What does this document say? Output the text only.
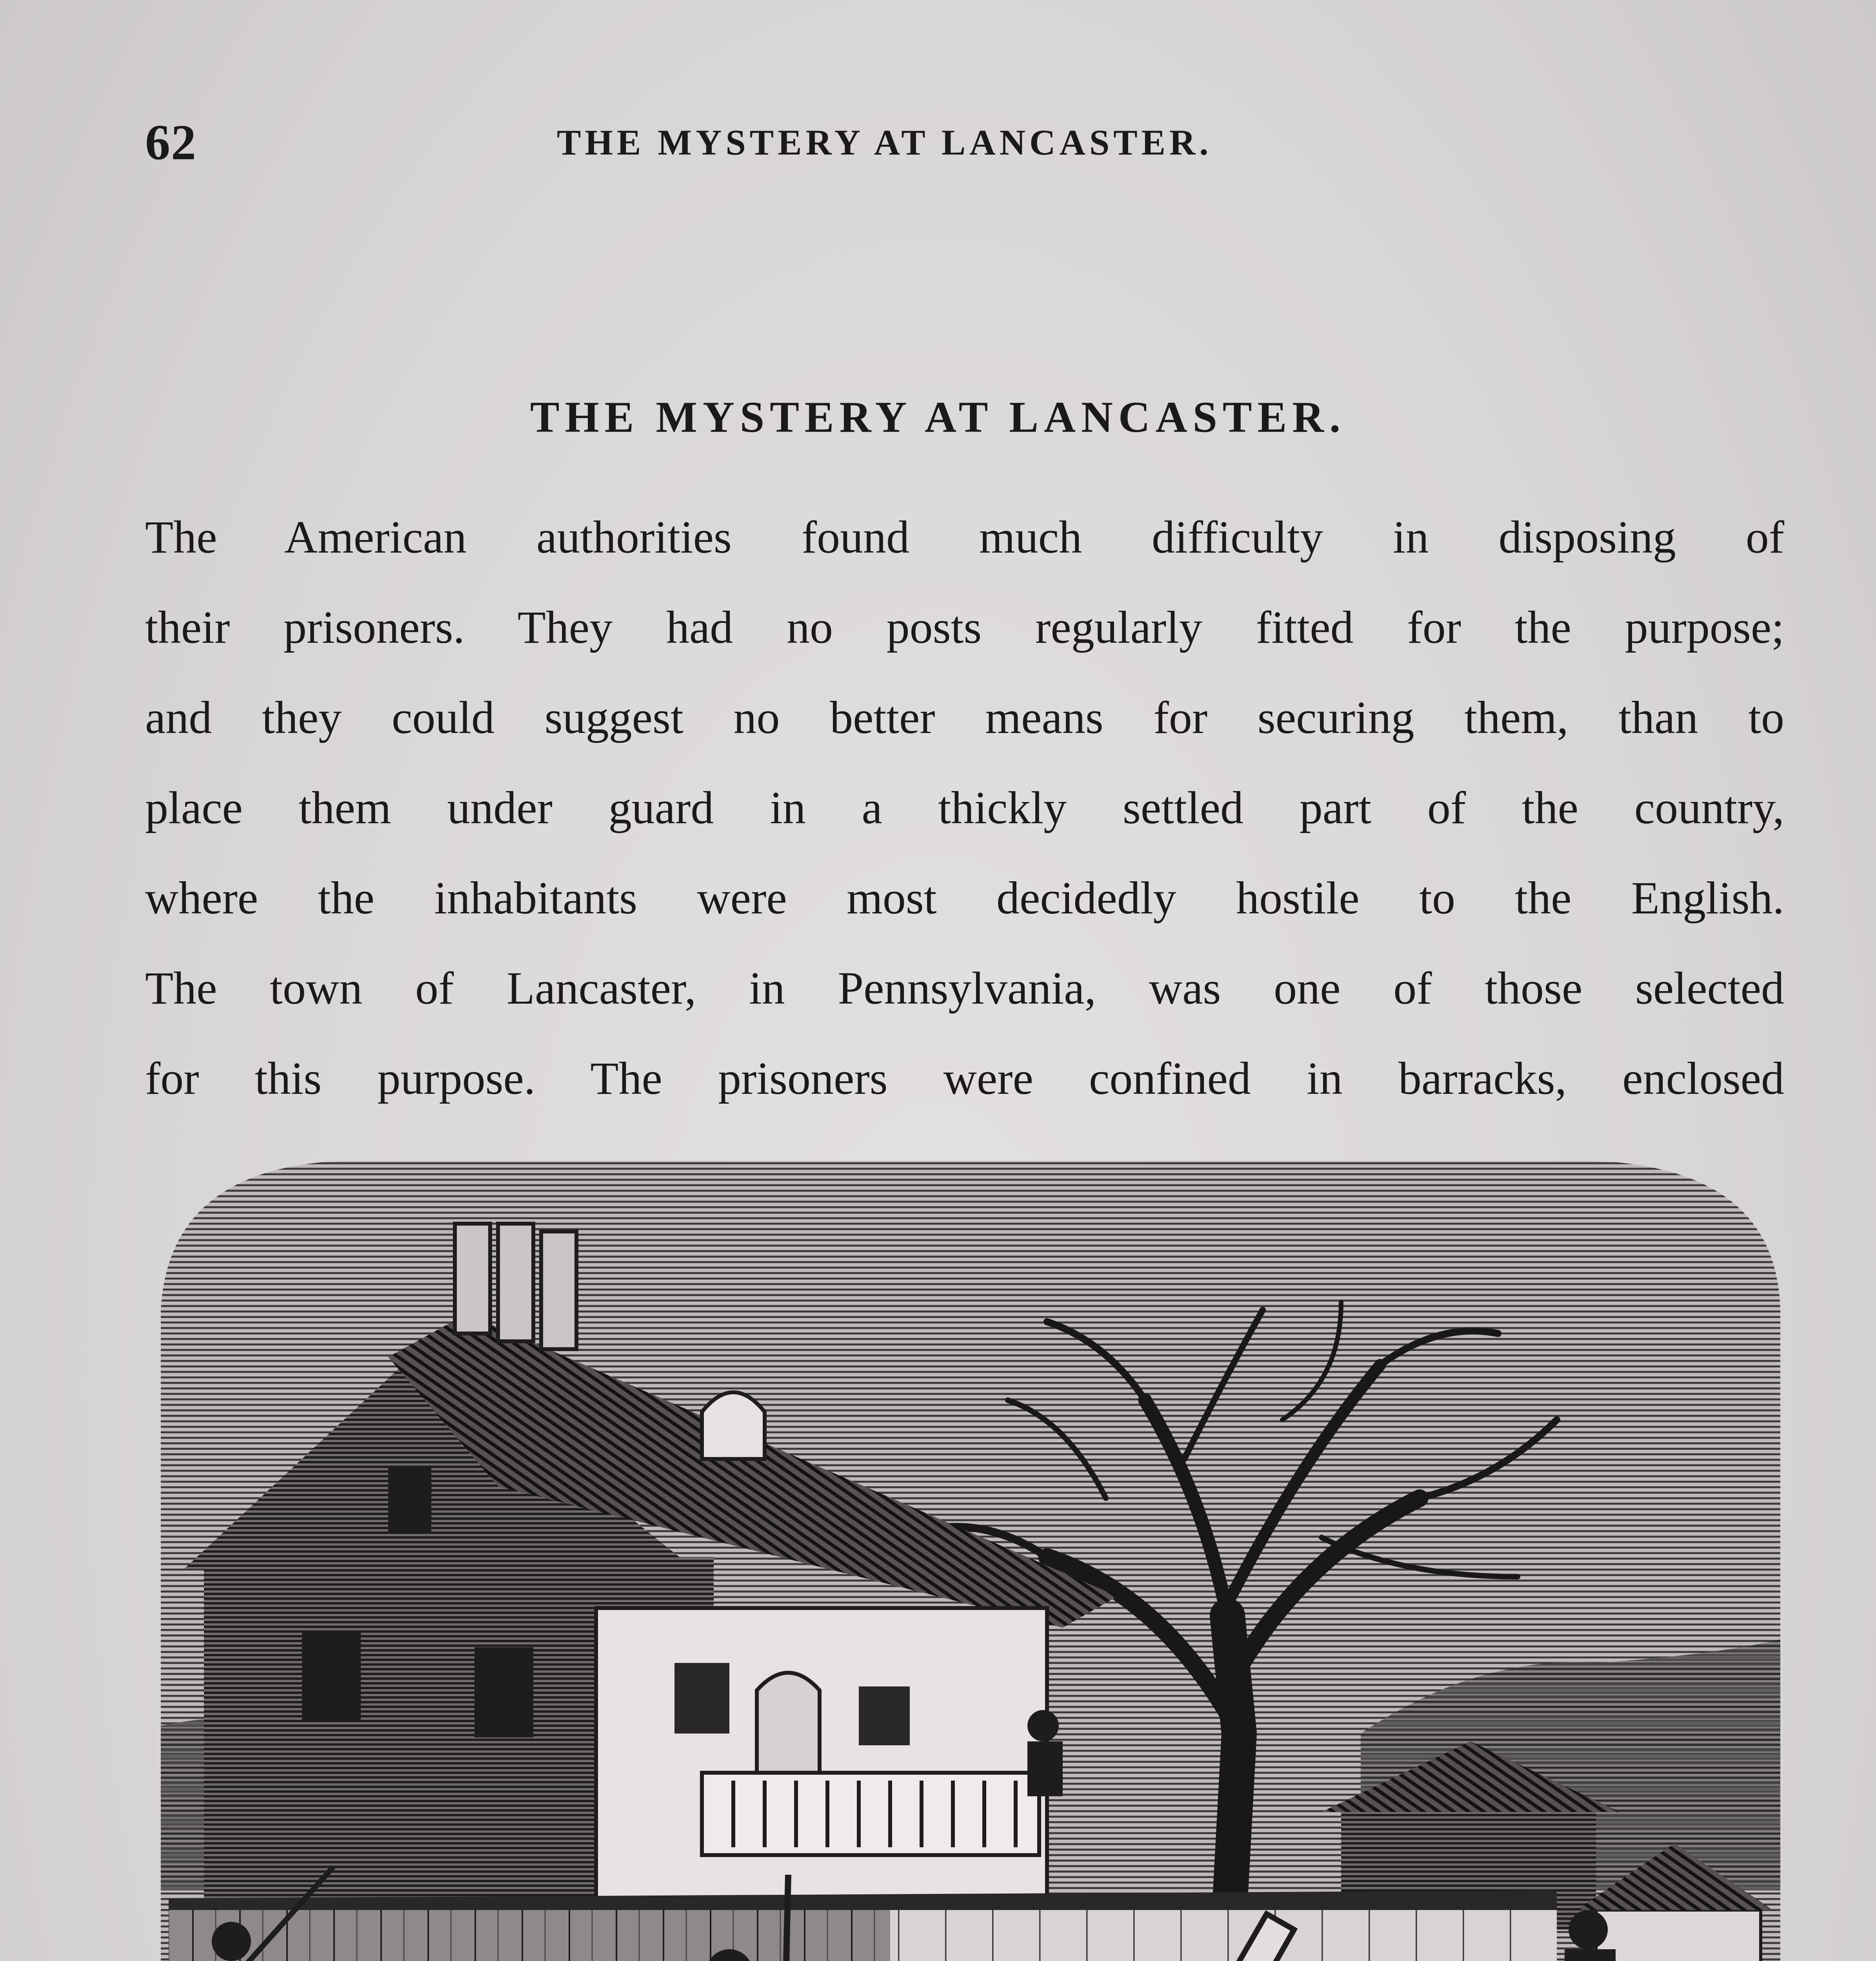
62	THE MYSTERY AT LANCASTER.
THE MYSTERY AT LANCASTER.
The American authorities found much difficulty in disposing of
their prisoners. They had no posts regularly fitted for the purpose;
and they could suggest no better means for securing them, than to
place them under guard in a thickly settled part of the country,
where the inhabitants were most decidedly hostile to the English.
The town of Lancaster, in Pennsylvania, was one of those selected
for this purpose. The prisoners were confined in barracks, enclosed
